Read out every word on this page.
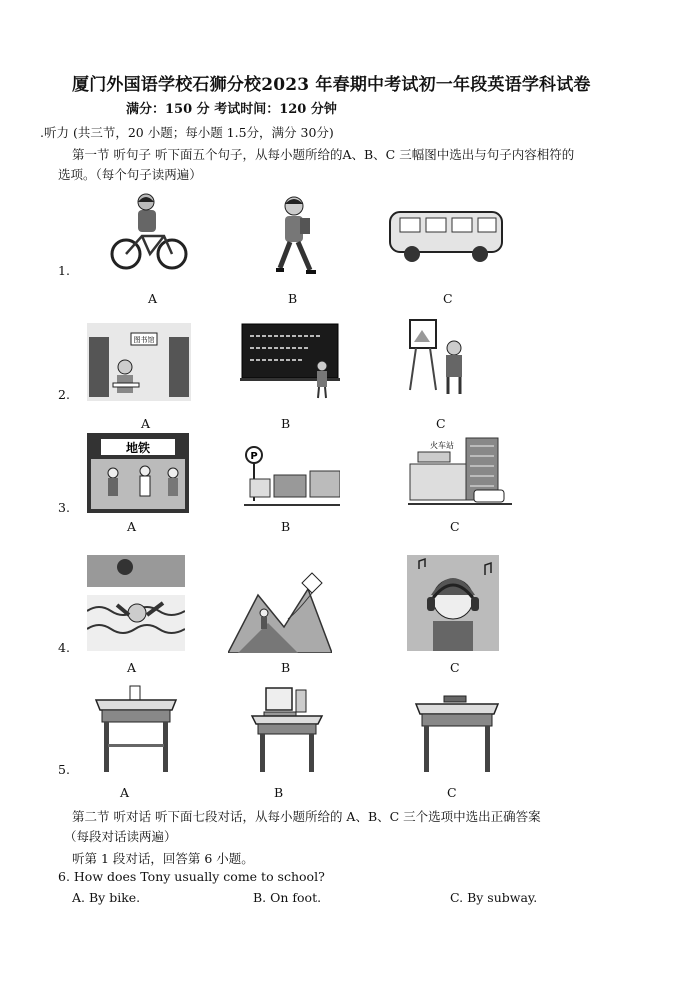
厦门外国语学校石狮分校2023 年春期中考试初一年段英语学科试卷
满分：150 分 考试时间：120 分钟
.听力 (共三节，20 小题；每小题 1.5分，满分 30分)
第一节 听句子 听下面五个句子，从每小题所给的A、B、C 三幅图中选出与句子内容相符的
选项。（每个句子读两遍）
1.
A	B	C
2.
图书馆
A	B	C
3.
地铁
P
火车站
A	B	C
4.
A	B	C
5.
A	B	C
第二节 听对话 听下面七段对话，从每小题所给的 A、B、C 三个选项中选出正确答案
（每段对话读两遍）
听第 1 段对话，回答第 6 小题。
6. How does Tony usually come to school?
A. By bike.	B. On foot.	C. By subway.
